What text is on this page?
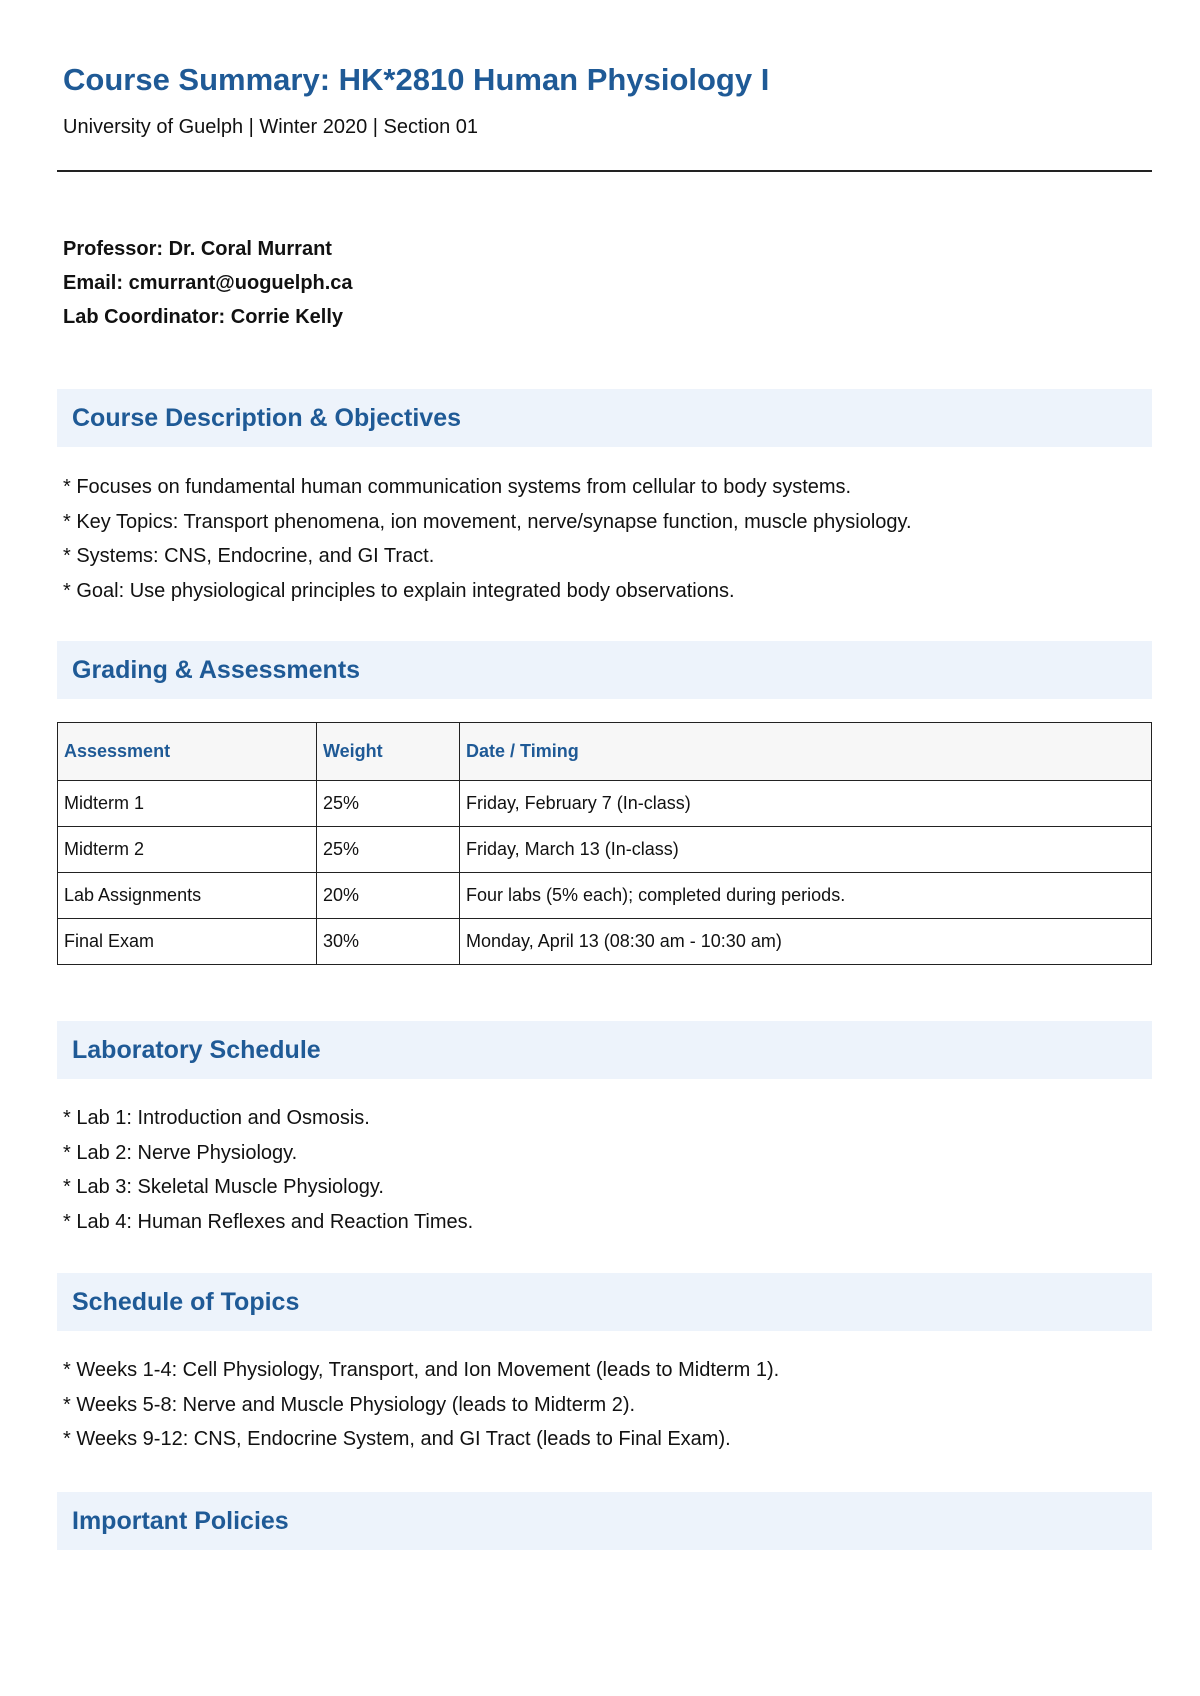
Course Summary: HK*2810 Human Physiology I

University of Guelph | Winter 2020 | Section 01

Professor: Dr. Coral Murrant
Email: cmurrant@uoguelph.ca
Lab Coordinator: Corrie Kelly
Course Description & Objectives
* Focuses on fundamental human communication systems from cellular to body systems.
* Key Topics: Transport phenomena, ion movement, nerve/synapse function, muscle physiology.
* Systems: CNS, Endocrine, and GI Tract.
* Goal: Use physiological principles to explain integrated body observations.
Grading & Assessments
Assessment	Weight	Date / Timing
Midterm 1	25%	Friday, February 7 (In-class)
Midterm 2	25%	Friday, March 13 (In-class)
Lab Assignments	20%	Four labs (5% each); completed during periods.
Final Exam	30%	Monday, April 13 (08:30 am - 10:30 am)
Laboratory Schedule
* Lab 1: Introduction and Osmosis.
* Lab 2: Nerve Physiology.
* Lab 3: Skeletal Muscle Physiology.
* Lab 4: Human Reflexes and Reaction Times.
Schedule of Topics
* Weeks 1-4: Cell Physiology, Transport, and Ion Movement (leads to Midterm 1).
* Weeks 5-8: Nerve and Muscle Physiology (leads to Midterm 2).
* Weeks 9-12: CNS, Endocrine System, and GI Tract (leads to Final Exam).
Important Policies
